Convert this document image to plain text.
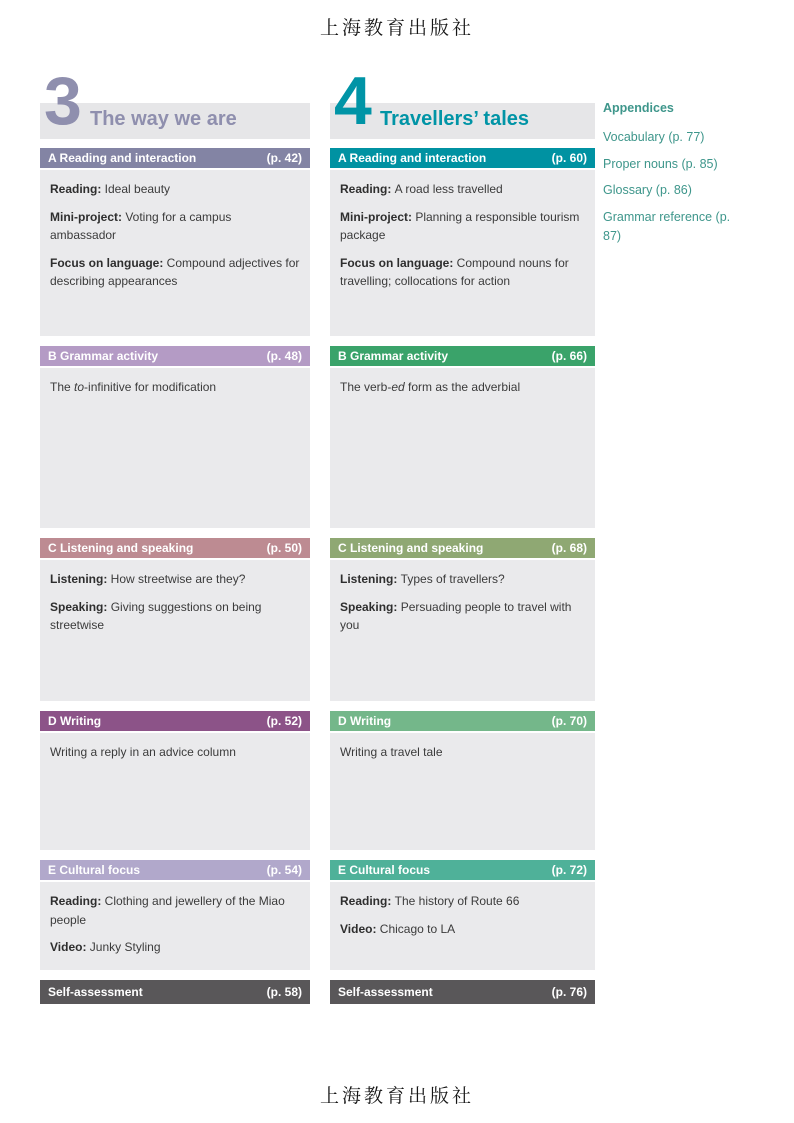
上海教育出版社
3 The way we are
A Reading and interaction	(p. 42)

Reading: Ideal beauty

Mini-project: Voting for a campus ambassador

Focus on language: Compound adjectives for describing appearances

B Grammar activity	(p. 48)

The to-infinitive for modification

C Listening and speaking	(p. 50)

Listening: How streetwise are they?

Speaking: Giving suggestions on being streetwise

D Writing	(p. 52)

Writing a reply in an advice column

E Cultural focus	(p. 54)

Reading: Clothing and jewellery of the Miao people

Video: Junky Styling

Self-assessment	(p. 58)
4 Travellers’ tales
A Reading and interaction	(p. 60)

Reading: A road less travelled

Mini-project: Planning a responsible tourism package

Focus on language: Compound nouns for travelling; collocations for action

B Grammar activity	(p. 66)

The verb-ed form as the adverbial

C Listening and speaking	(p. 68)

Listening: Types of travellers?

Speaking: Persuading people to travel with you

D Writing	(p. 70)

Writing a travel tale

E Cultural focus	(p. 72)

Reading: The history of Route 66

Video: Chicago to LA

Self-assessment	(p. 76)

Appendices

Vocabulary (p. 77)

Proper nouns (p. 85)

Glossary (p. 86)

Grammar reference (p. 87)

上海教育出版社
